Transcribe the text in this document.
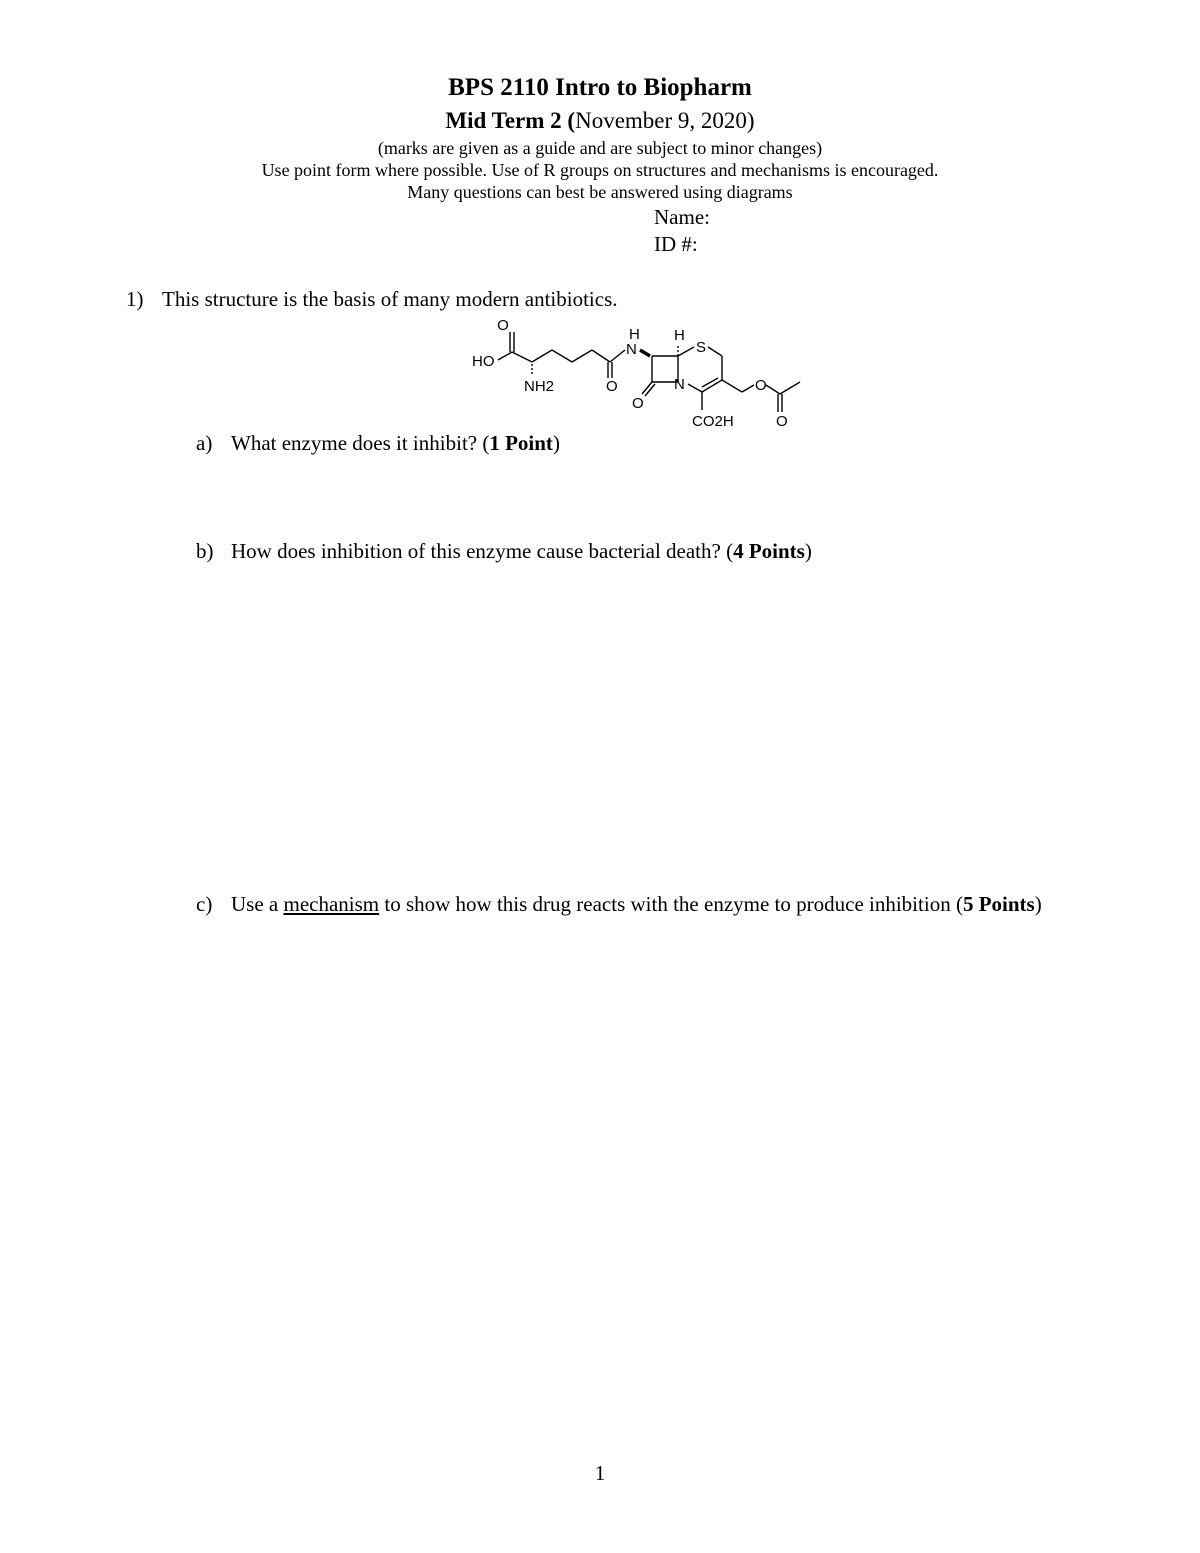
BPS 2110 Intro to Biopharm
Mid Term 2 (November 9, 2020)
(marks are given as a guide and are subject to minor changes)
Use point form where possible. Use of R groups on structures and mechanisms is encouraged.
Many questions can best be answered using diagrams
Name:
ID #:
1) This structure is the basis of many modern antibiotics.
O
HO
NH2	O
H
N
H
S
N
O
CO2H
O
O
a) What enzyme does it inhibit? (1 Point)
b) How does inhibition of this enzyme cause bacterial death? (4 Points)
c) Use a mechanism to show how this drug reacts with the enzyme to produce inhibition (5 Points)
1
